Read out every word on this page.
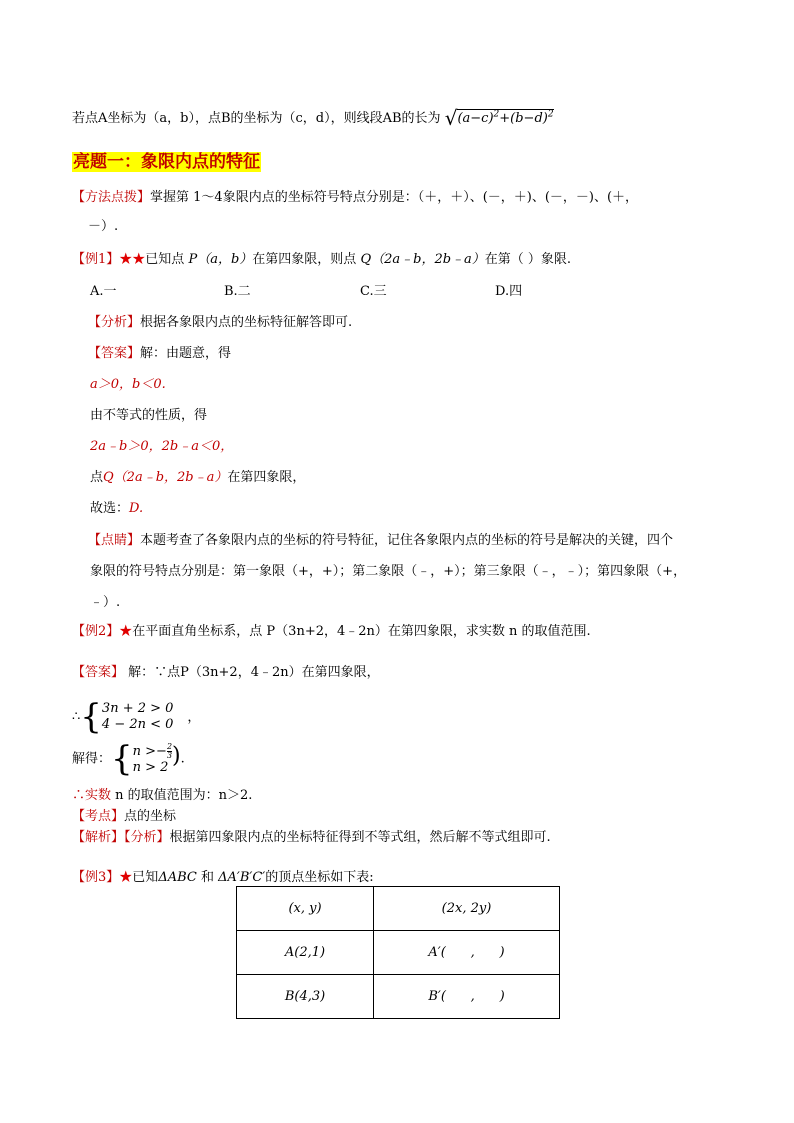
若点A坐标为（a，b），点B的坐标为（c，d），则线段AB的长为 $√(a-c)^2+(b-d)^2$
亮题一：象限内点的特征
【方法点拨】掌握第 1～4象限内点的坐标符号特点分别是：（＋，＋）、(－，＋)、(－，－)、(＋，
－）.
【例1】★★已知点 P（a，b）在第四象限，则点 Q（2a﹣b，2b﹣a）在第（ ）象限.
A.一	B.二	C.三	D.四
【分析】根据各象限内点的坐标特征解答即可.
【答案】解：由题意，得
a＞0，b＜0.
由不等式的性质，得
2a﹣b＞0，2b﹣a＜0，
点Q（2a﹣b，2b﹣a）在第四象限，
故选：D.
【点睛】本题考查了各象限内点的坐标的符号特征，记住各象限内点的坐标的符号是解决的关键，四个
象限的符号特点分别是：第一象限（+，+）；第二象限（﹣，+）；第三象限（﹣，﹣）；第四象限（+，
﹣）.
【例2】★在平面直角坐标系，点 P（3n+2，4﹣2n）在第四象限，求实数 n 的取值范围.
【答案】 解：∵点P（3n+2，4﹣2n）在第四象限，
∴{3n + 2 > 0
4 − 2n < 0 ，
解得：{$n >- \frac{2}{3}$
n > 2 ).
∴实数 n 的取值范围为：n＞2.
【考点】点的坐标
【解析】【分析】根据第四象限内点的坐标特征得到不等式组，然后解不等式组即可.
【例3】★已知ΔABC 和 ΔA′B′C′的顶点坐标如下表:
(x, y)	(2x, 2y)
A(2,1)	A′(      ,      )
B(4,3)	B′(      ,      )
